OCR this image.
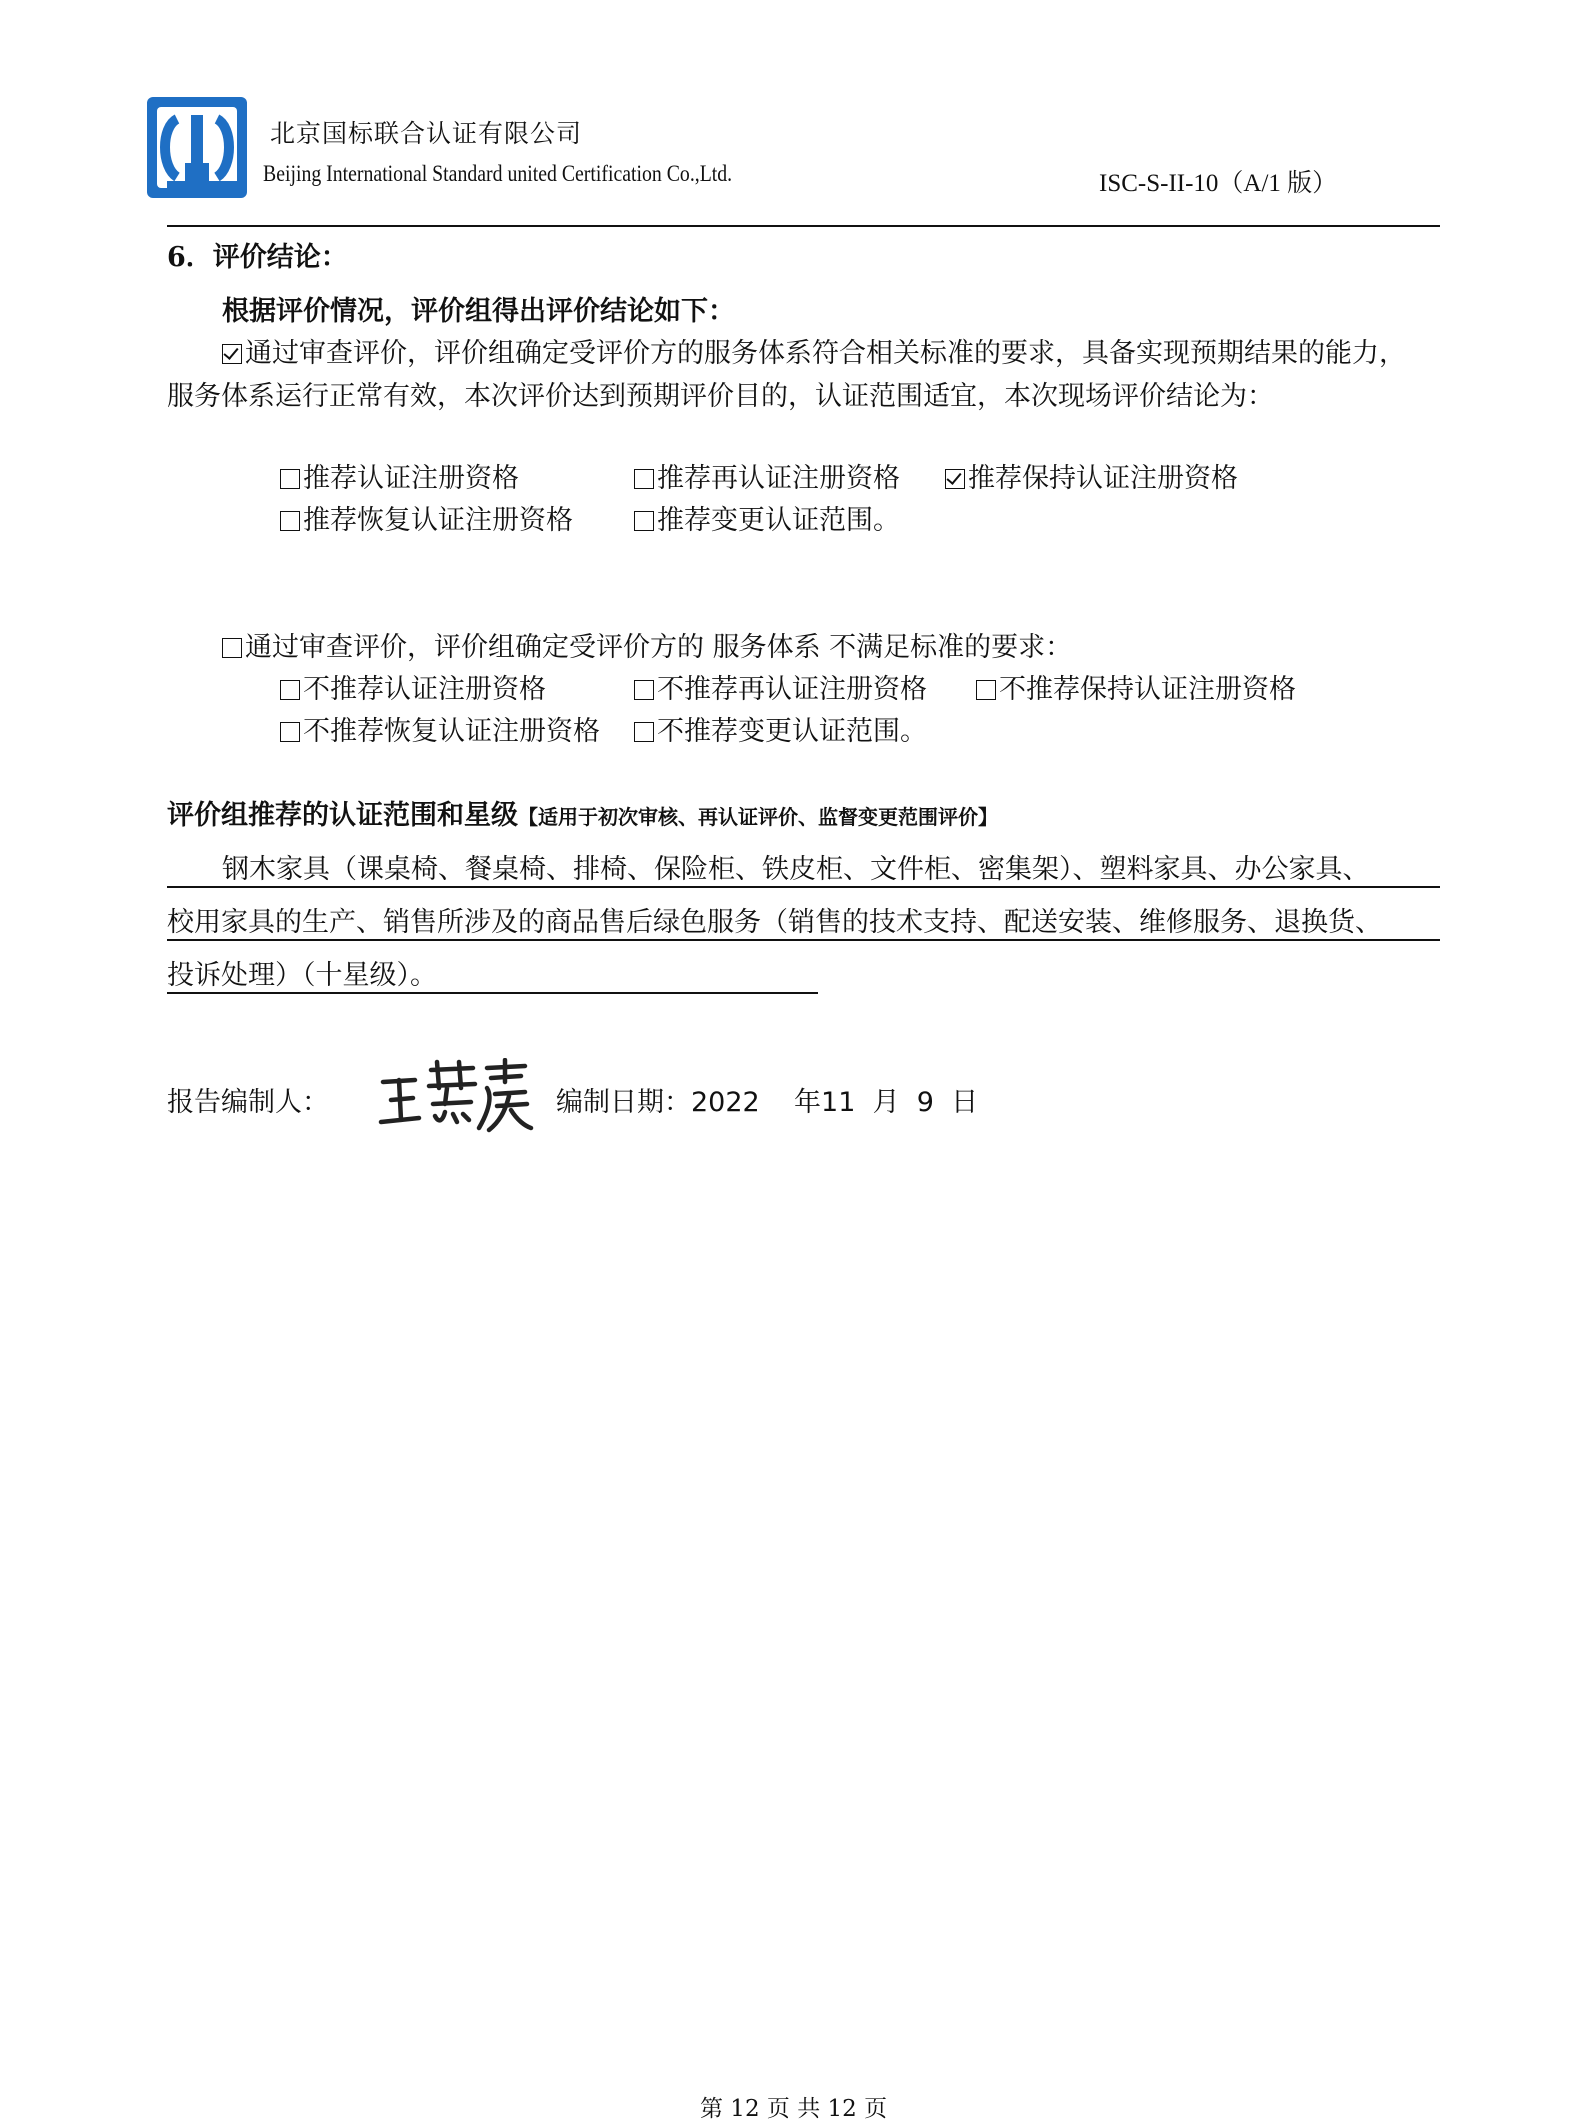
北京国标联合认证有限公司
Beijing International Standard united Certification Co.,Ltd.	ISC-S-II-10（A/1 版）
6．评价结论：
根据评价情况，评价组得出评价结论如下：
通过审查评价，评价组确定受评价方的服务体系符合相关标准的要求，具备实现预期结果的能力，
服务体系运行正常有效，本次评价达到预期评价目的，认证范围适宜，本次现场评价结论为：
推荐认证注册资格	推荐再认证注册资格	推荐保持认证注册资格
推荐恢复认证注册资格	推荐变更认证范围。
通过审查评价，评价组确定受评价方的 服务体系 不满足标准的要求：
不推荐认证注册资格	不推荐再认证注册资格	不推荐保持认证注册资格
不推荐恢复认证注册资格	不推荐变更认证范围。
评价组推荐的认证范围和星级【适用于初次审核、再认证评价、监督变更范围评价】
钢木家具（课桌椅、餐桌椅、排椅、保险柜、铁皮柜、文件柜、密集架）、塑料家具、办公家具、
校用家具的生产、销售所涉及的商品售后绿色服务（销售的技术支持、配送安装、维修服务、退换货、
投诉处理）（十星级）。
报告编制人：	编制日期：2022    年11  月  9  日
第 12 页 共 12 页
